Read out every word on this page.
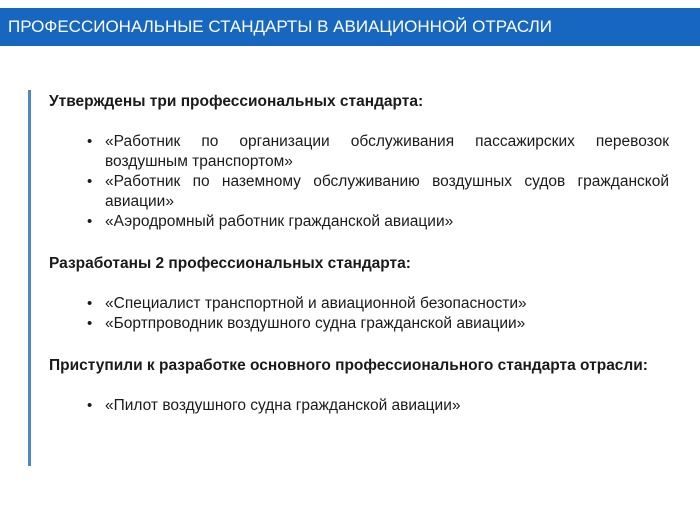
ПРОФЕССИОНАЛЬНЫЕ СТАНДАРТЫ В АВИАЦИОННОЙ ОТРАСЛИ

Утверждены три профессиональных стандарта:

• «Работник по организации обслуживания пассажирских перевозок воздушным транспортом»
• «Работник по наземному обслуживанию воздушных судов гражданской авиации»
• «Аэродромный работник гражданской авиации»

Разработаны 2 профессиональных стандарта:

• «Специалист транспортной и авиационной безопасности»
• «Бортпроводник воздушного судна гражданской авиации»

Приступили к разработке основного профессионального стандарта отрасли:

• «Пилот воздушного судна гражданской авиации»
